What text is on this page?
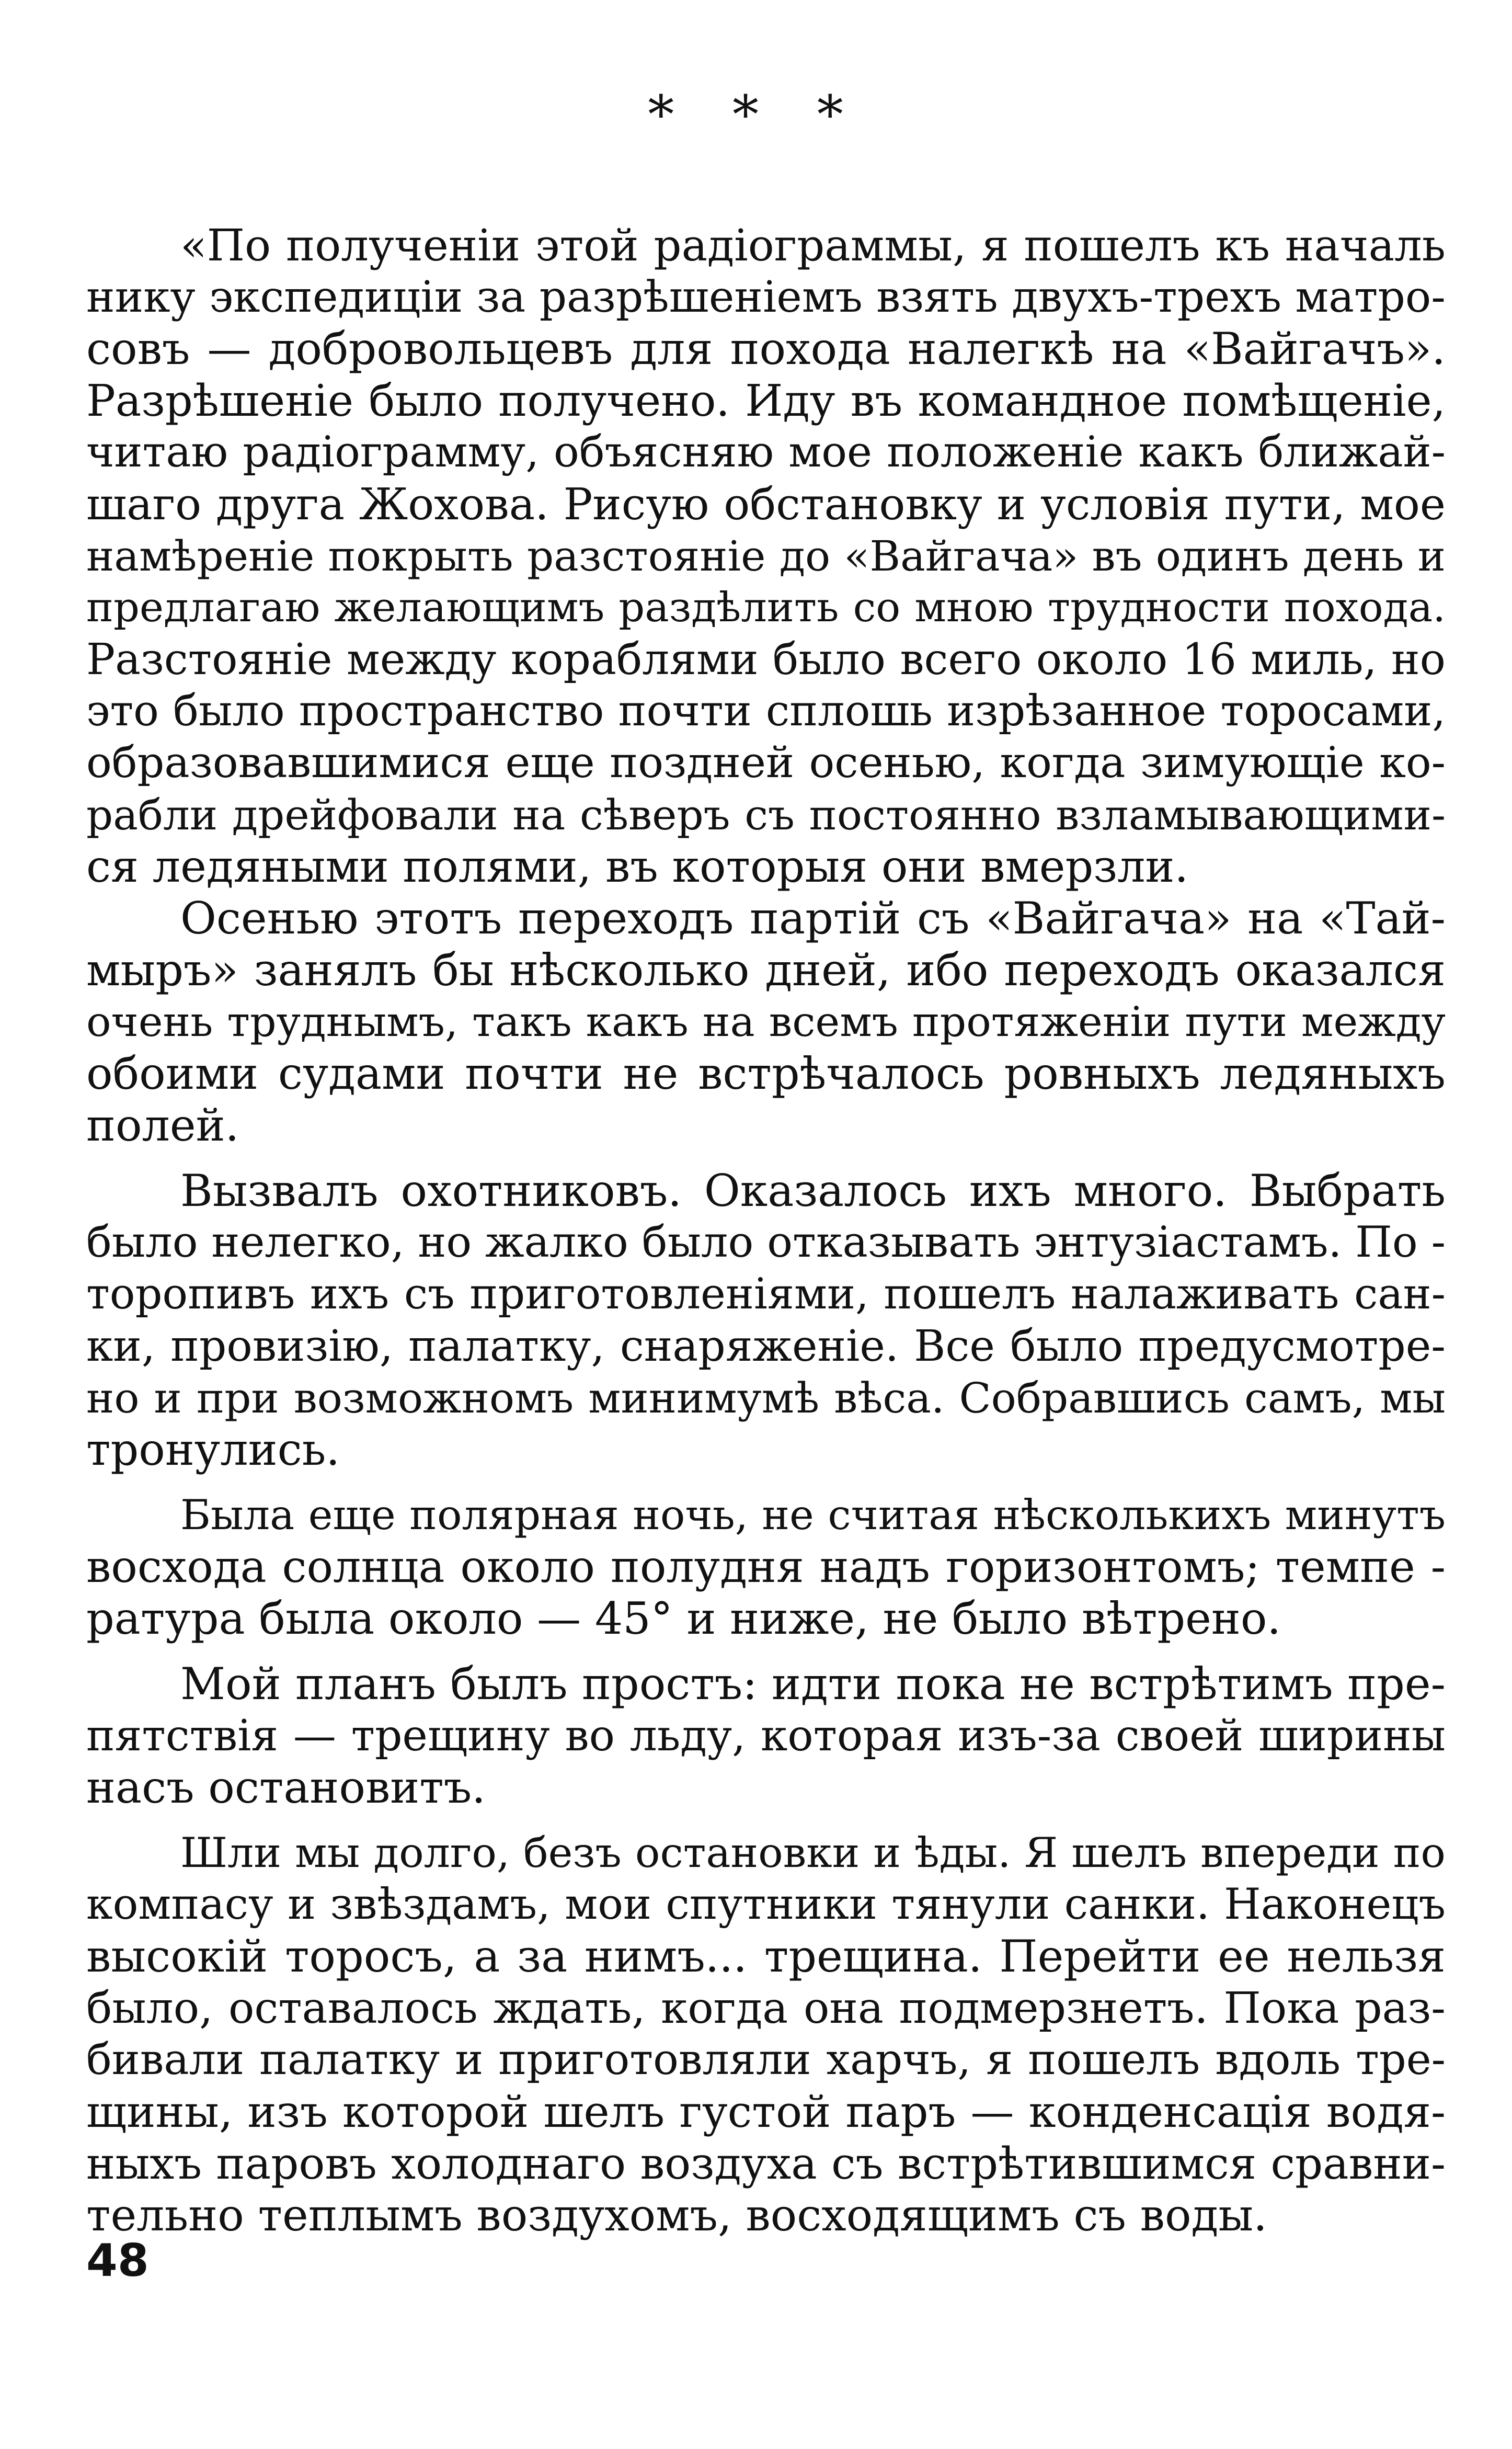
* * *
«По полученіи этой радіограммы, я пошелъ къ началь
нику экспедиціи за разрѣшеніемъ взять двухъ-трехъ матро-
совъ — добровольцевъ для похода налегкѣ на «Вайгачъ».
Разрѣшеніе было получено. Иду въ командное помѣщеніе,
читаю радіограмму, объясняю мое положеніе какъ ближай-
шаго друга Жохова. Рисую обстановку и условія пути, мое
намѣреніе покрыть разстояніе до «Вайгача» въ одинъ день и
предлагаю желающимъ раздѣлить со мною трудности похода.
Разстояніе между кораблями было всего около 16 миль, но
это было пространство почти сплошь изрѣзанное торосами,
образовавшимися еще поздней осенью, когда зимующіе ко-
рабли дрейфовали на сѣверъ съ постоянно взламывающими-
ся ледяными полями, въ которыя они вмерзли.
Осенью этотъ переходъ партій съ «Вайгача» на «Тай-
мыръ» занялъ бы нѣсколько дней, ибо переходъ оказался
очень труднымъ, такъ какъ на всемъ протяженіи пути между
обоими судами почти не встрѣчалось ровныхъ ледяныхъ
полей.
Вызвалъ охотниковъ. Оказалось ихъ много. Выбрать
было нелегко, но жалко было отказывать энтузіастамъ. По -
торопивъ ихъ съ приготовленіями, пошелъ налаживать сан-
ки, провизію, палатку, снаряженіе. Все было предусмотре-
но и при возможномъ минимумѣ вѣса. Собравшись самъ, мы
тронулись.
Была еще полярная ночь, не считая нѣсколькихъ минутъ
восхода солнца около полудня надъ горизонтомъ; темпе -
ратура была около — 45° и ниже, не было вѣтрено.
Мой планъ былъ простъ: идти пока не встрѣтимъ пре-
пятствія — трещину во льду, которая изъ-за своей ширины
насъ остановитъ.
Шли мы долго, безъ остановки и ѣды. Я шелъ впереди по
компасу и звѣздамъ, мои спутники тянули санки. Наконецъ
высокій торосъ, а за нимъ... трещина. Перейти ее нельзя
было, оставалось ждать, когда она подмерзнетъ. Пока раз-
бивали палатку и приготовляли харчъ, я пошелъ вдоль тре-
щины, изъ которой шелъ густой паръ — конденсація водя-
ныхъ паровъ холоднаго воздуха съ встрѣтившимся сравни-
тельно теплымъ воздухомъ, восходящимъ съ воды.
48
